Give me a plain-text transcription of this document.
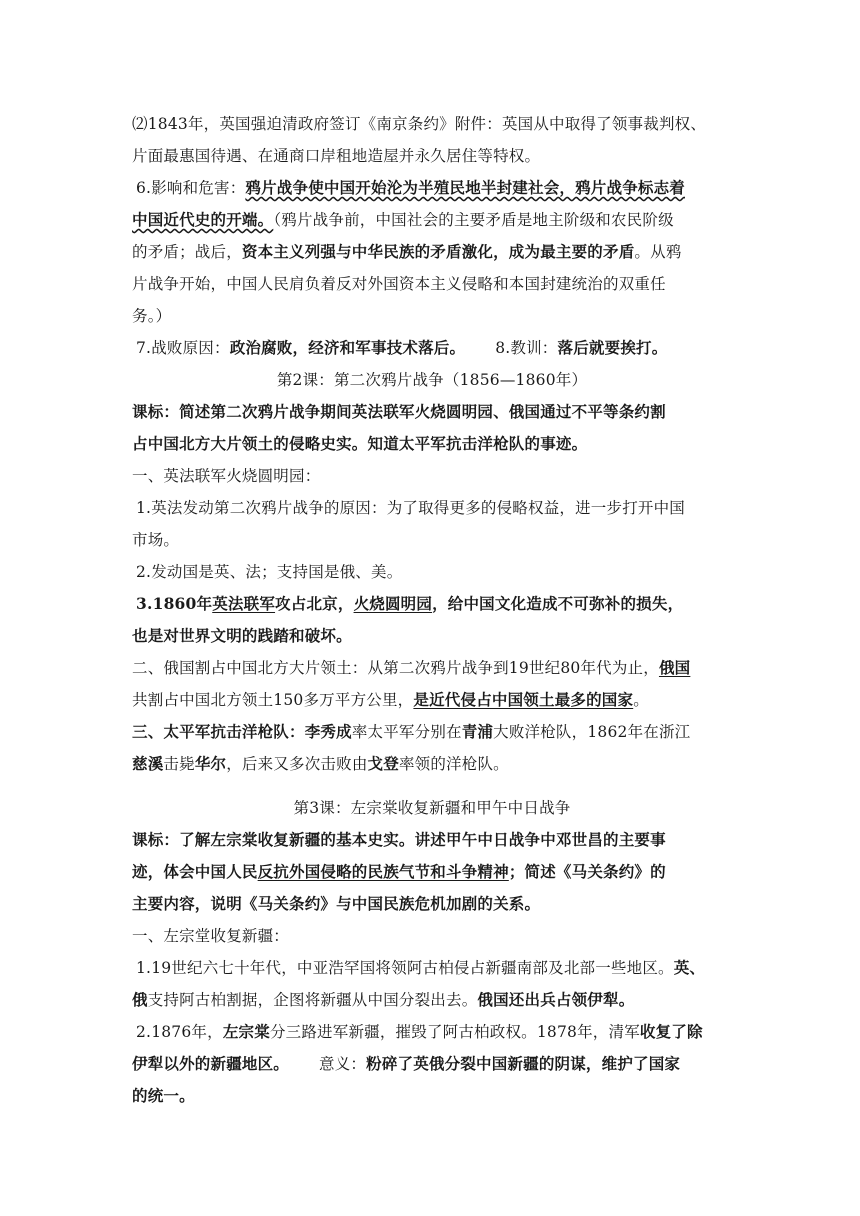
⑵1843年，英国强迫清政府签订《南京条约》附件：英国从中取得了领事裁判权、
片面最惠国待遇、在通商口岸租地造屋并永久居住等特权。
6.影响和危害：鸦片战争使中国开始沦为半殖民地半封建社会，鸦片战争标志着
中国近代史的开端。（鸦片战争前，中国社会的主要矛盾是地主阶级和农民阶级
的矛盾；战后，资本主义列强与中华民族的矛盾激化，成为最主要的矛盾。从鸦
片战争开始，中国人民肩负着反对外国资本主义侵略和本国封建统治的双重任
务。）
7.战败原因：政治腐败，经济和军事技术落后。 8.教训：落后就要挨打。
第2课：第二次鸦片战争（1856—1860年）
课标：简述第二次鸦片战争期间英法联军火烧圆明园、俄国通过不平等条约割
占中国北方大片领土的侵略史实。知道太平军抗击洋枪队的事迹。
一、英法联军火烧圆明园：
1.英法发动第二次鸦片战争的原因：为了取得更多的侵略权益，进一步打开中国
市场。
2.发动国是英、法；支持国是俄、美。
3.1860年英法联军攻占北京，火烧圆明园，给中国文化造成不可弥补的损失，
也是对世界文明的践踏和破坏。
二、俄国割占中国北方大片领土：从第二次鸦片战争到19世纪80年代为止，俄国
共割占中国北方领土150多万平方公里，是近代侵占中国领土最多的国家。
三、太平军抗击洋枪队：李秀成率太平军分别在青浦大败洋枪队，1862年在浙江
慈溪击毙华尔，后来又多次击败由戈登率领的洋枪队。
第3课：左宗棠收复新疆和甲午中日战争
课标：了解左宗棠收复新疆的基本史实。讲述甲午中日战争中邓世昌的主要事
迹，体会中国人民反抗外国侵略的民族气节和斗争精神；简述《马关条约》的
主要内容，说明《马关条约》与中国民族危机加剧的关系。
一、左宗堂收复新疆：
1.19世纪六七十年代，中亚浩罕国将领阿古柏侵占新疆南部及北部一些地区。英、
俄支持阿古柏割据，企图将新疆从中国分裂出去。俄国还出兵占领伊犁。
2.1876年，左宗棠分三路进军新疆，摧毁了阿古柏政权。1878年，清军收复了除
伊犁以外的新疆地区。 意义：粉碎了英俄分裂中国新疆的阴谋，维护了国家
的统一。
